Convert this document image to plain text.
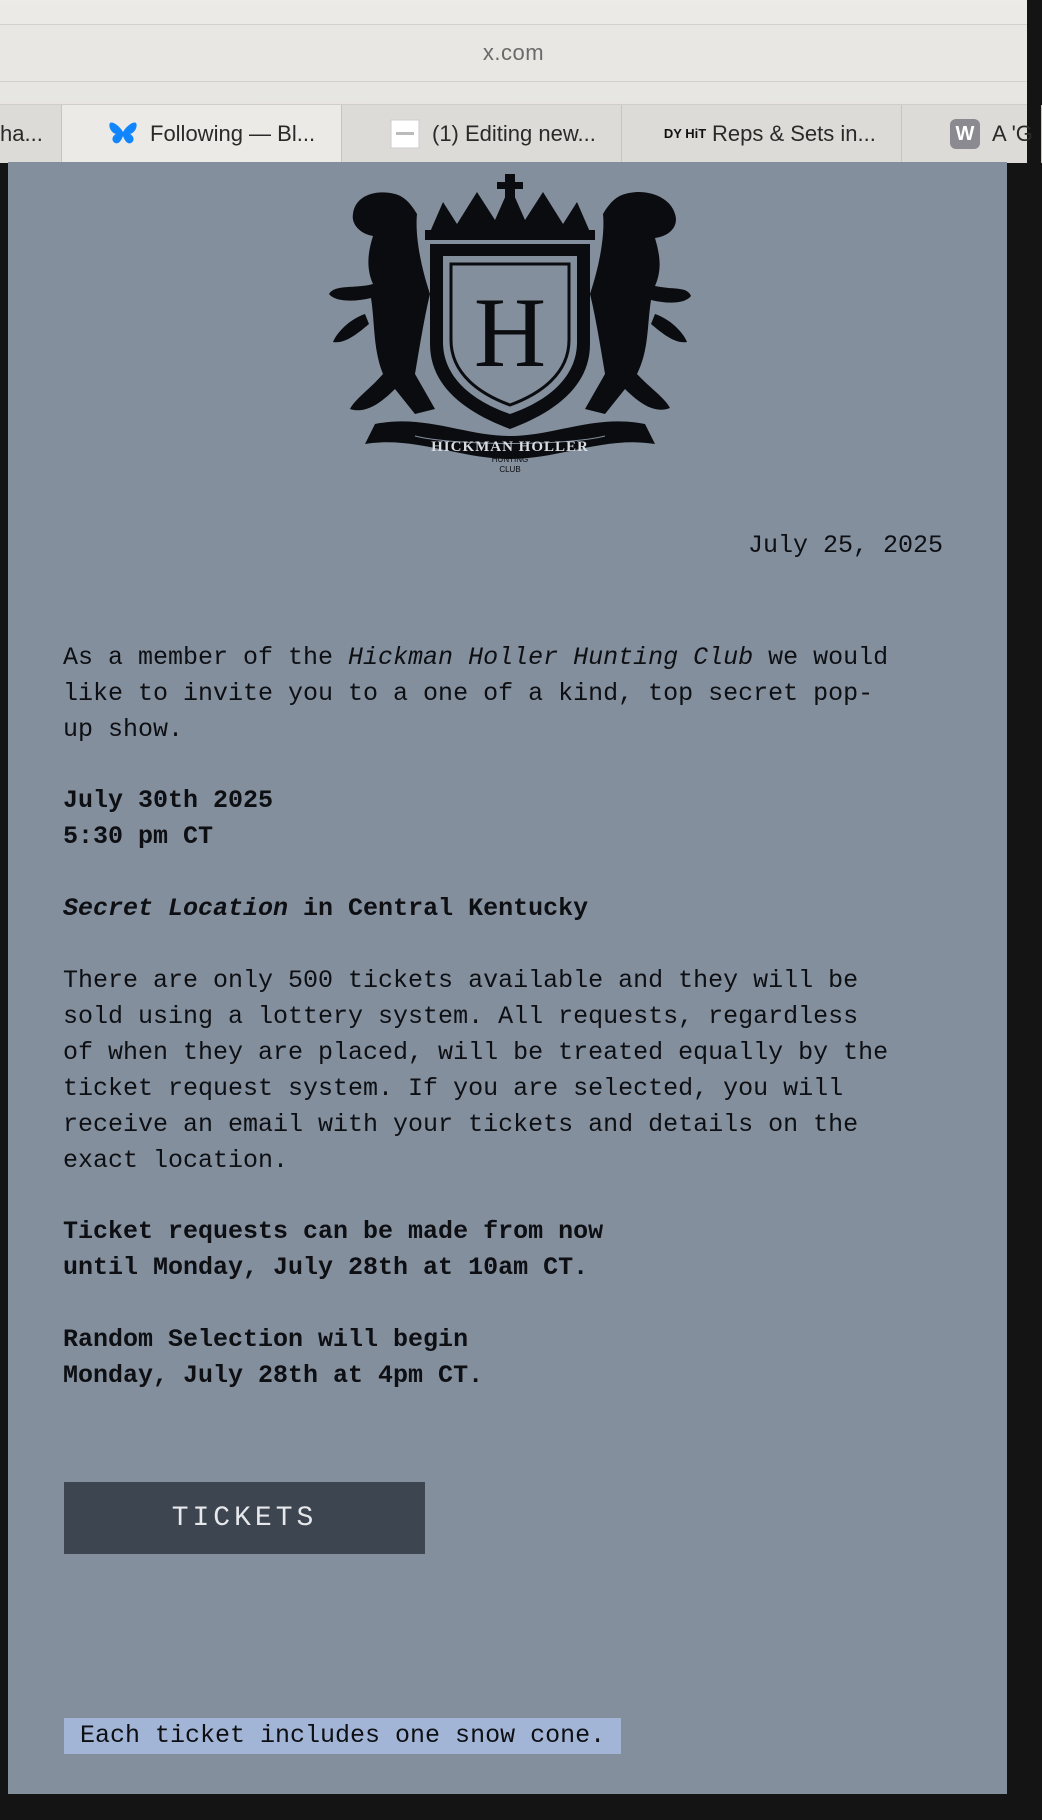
x.com
ha...	Following — Bl...	(1) Editing new...	DY HiT Reps & Sets in...	W A 'G
H
HICKMAN HOLLER
HUNTING
CLUB
July 25, 2025

As a member of the Hickman Holler Hunting Club we would
like to invite you to a one of a kind, top secret pop-
up show.

July 30th 2025
5:30 pm CT

Secret Location in Central Kentucky

There are only 500 tickets available and they will be
sold using a lottery system. All requests, regardless
of when they are placed, will be treated equally by the
ticket request system. If you are selected, you will
receive an email with your tickets and details on the
exact location.

Ticket requests can be made from now
until Monday, July 28th at 10am CT.

Random Selection will begin
Monday, July 28th at 4pm CT.

TICKETS
Each ticket includes one snow cone.
